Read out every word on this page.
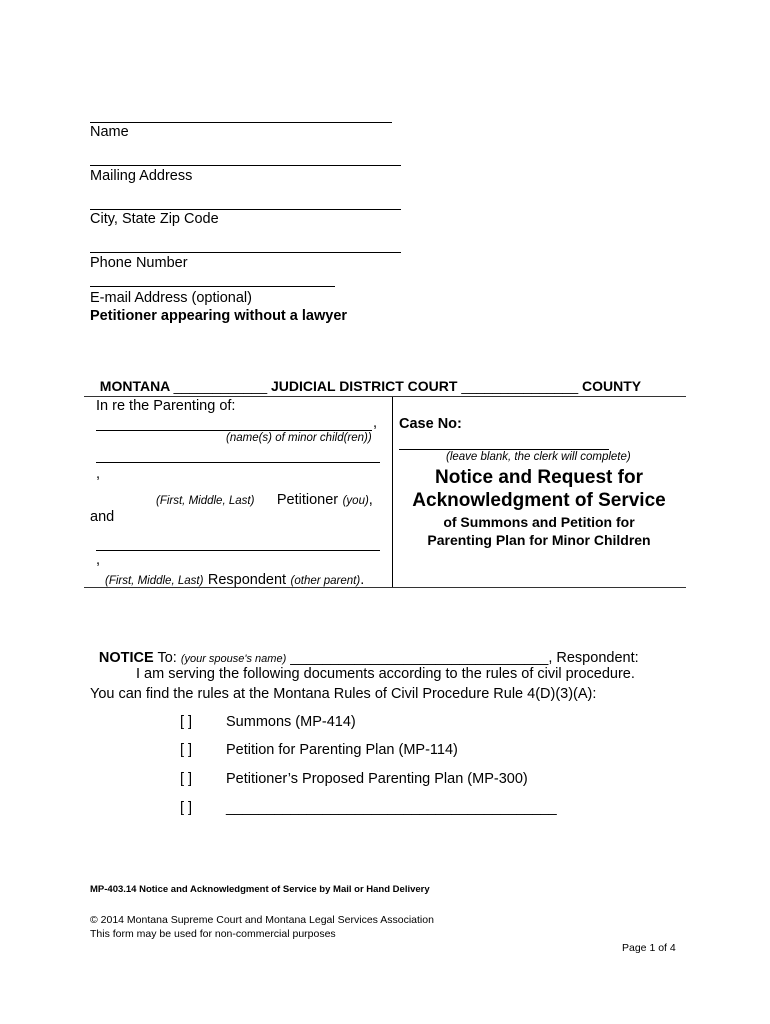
Name
Mailing Address
City, State Zip Code
Phone Number
E-mail Address (optional)
Petitioner appearing without a lawyer

MONTANA ____________ JUDICIAL DISTRICT COURT _______________ COUNTY

In re the Parenting of:
,
(name(s) of minor child(ren))
,
(First, Middle, Last) Petitioner (you),
and
,
(First, Middle, Last) Respondent (other parent).
Case No:
(leave blank, the clerk will complete)
Notice and Request for
Acknowledgment of Service
of Summons and Petition for
Parenting Plan for Minor Children

NOTICE To: (your spouse's name) ________________________________, Respondent:

I am serving the following documents according to the rules of civil procedure.
You can find the rules at the Montana Rules of Civil Procedure Rule 4(D)(3)(A):
[ ] Summons (MP-414)
[ ] Petition for Parenting Plan (MP-114)
[ ] Petitioner’s Proposed Parenting Plan (MP-300)
[ ] _________________________________________
MP-403.14 Notice and Acknowledgment of Service by Mail or Hand Delivery
© 2014 Montana Supreme Court and Montana Legal Services Association
This form may be used for non-commercial purposes
Page 1 of 4
